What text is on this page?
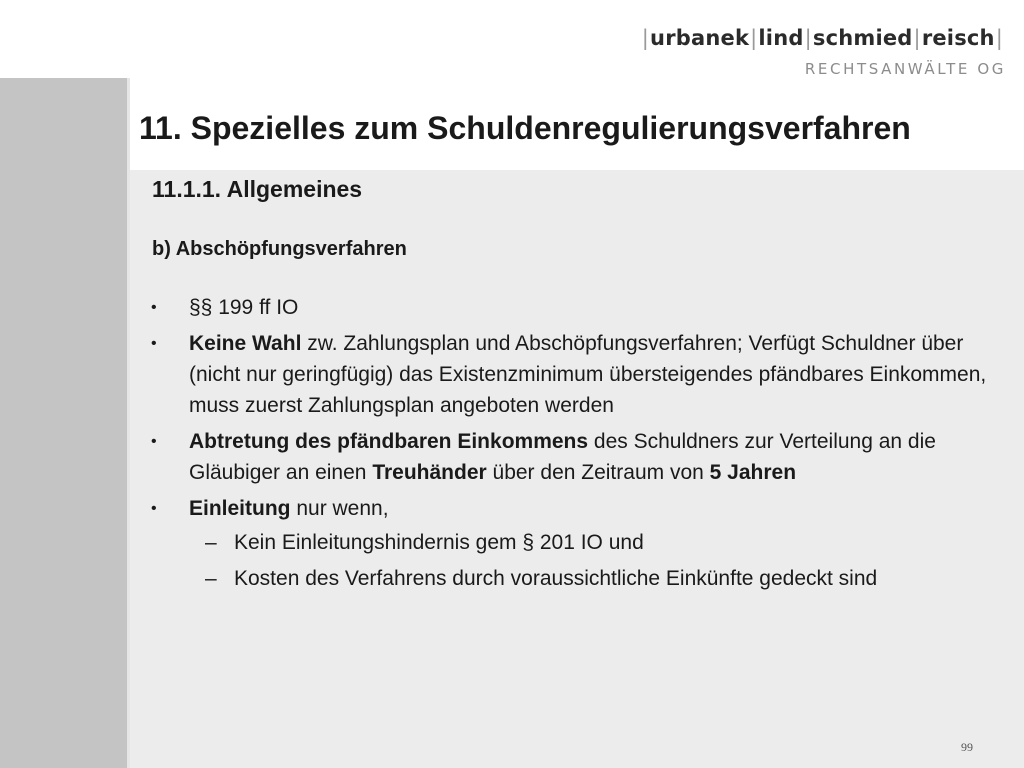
|urbanek|lind|schmied|reisch|
RECHTSANWÄLTE OG
11. Spezielles zum Schuldenregulierungsverfahren
11.1.1. Allgemeines
b) Abschöpfungsverfahren
• §§ 199 ff IO
• Keine Wahl zw. Zahlungsplan und Abschöpfungsverfahren; Verfügt Schuldner über (nicht nur geringfügig) das Existenzminimum übersteigendes pfändbares Einkommen, muss zuerst Zahlungsplan angeboten werden
• Abtretung des pfändbaren Einkommens des Schuldners zur Verteilung an die Gläubiger an einen Treuhänder über den Zeitraum von 5 Jahren
• Einleitung nur wenn,
– Kein Einleitungshindernis gem § 201 IO und
– Kosten des Verfahrens durch voraussichtliche Einkünfte gedeckt sind
99
